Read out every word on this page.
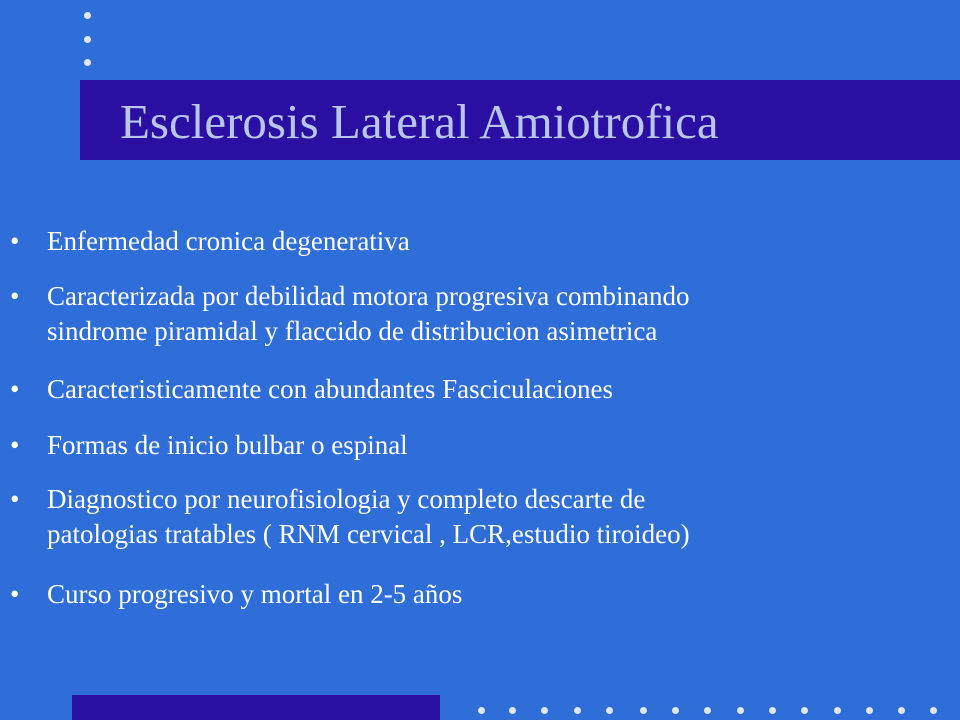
Esclerosis Lateral Amiotrofica
• Enfermedad cronica degenerativa
• Caracterizada por debilidad motora progresiva combinando
sindrome piramidal y flaccido de distribucion asimetrica
• Caracteristicamente con abundantes Fasciculaciones
• Formas de inicio bulbar o espinal
• Diagnostico por neurofisiologia y completo descarte de
patologias tratables ( RNM cervical , LCR,estudio tiroideo)
• Curso progresivo y mortal en 2-5 años
